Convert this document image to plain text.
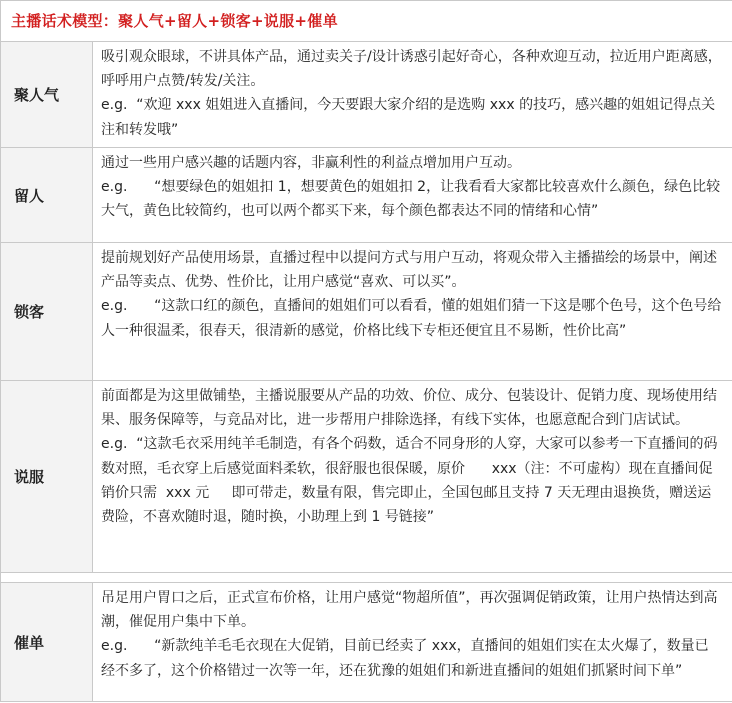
主播话术模型：聚人气+留人+锁客+说服+催单	

聚人气	吸引观众眼球，不讲具体产品，通过卖关子/设计诱惑引起好奇心，各种欢迎互动，拉近用户距离感，呼呼用户点赞/转发/关注。
e.g.  “欢迎 xxx 姐姐进入直播间，今天要跟大家介绍的是选购 xxx 的技巧，感兴趣的姐姐记得点关注和转发哦”

留人	通过一些用户感兴趣的话题内容，非赢利性的利益点增加用户互动。
e.g.      “想要绿色的姐姐扣 1，想要黄色的姐姐扣 2，让我看看大家都比较喜欢什么颜色，绿色比较大气，黄色比较简约，也可以两个都买下来，每个颜色都表达不同的情绪和心情”

锁客	提前规划好产品使用场景，直播过程中以提问方式与用户互动，将观众带入主播描绘的场景中，阐述产品等卖点、优势、性价比，让用户感觉“喜欢、可以买”。
e.g.      “这款口红的颜色，直播间的姐姐们可以看看，懂的姐姐们猜一下这是哪个色号，这个色号给人一种很温柔，很春天，很清新的感觉，价格比线下专柜还便宜且不易断，性价比高”

说服	前面都是为这里做铺垫，主播说服要从产品的功效、价位、成分、包装设计、促销力度、现场使用结果、服务保障等，与竞品对比，进一步帮用户排除选择，有线下实体，也愿意配合到门店试试。
e.g.  “这款毛衣采用纯羊毛制造，有各个码数，适合不同身形的人穿，大家可以参考一下直播间的码数对照，毛衣穿上后感觉面料柔软，很舒服也很保暖，原价      xxx（注：不可虚构）现在直播间促销价只需  xxx 元     即可带走，数量有限，售完即止，全国包邮且支持 7 天无理由退换货，赠送运费险，不喜欢随时退，随时换，小助理上到 1 号链接”

催单	吊足用户胃口之后，正式宣布价格，让用户感觉“物超所值”，再次强调促销政策，让用户热情达到高潮，催促用户集中下单。
e.g.      “新款纯羊毛毛衣现在大促销，目前已经卖了 xxx，直播间的姐姐们实在太火爆了，数量已经不多了，这个价格错过一次等一年，还在犹豫的姐姐们和新进直播间的姐姐们抓紧时间下单”
